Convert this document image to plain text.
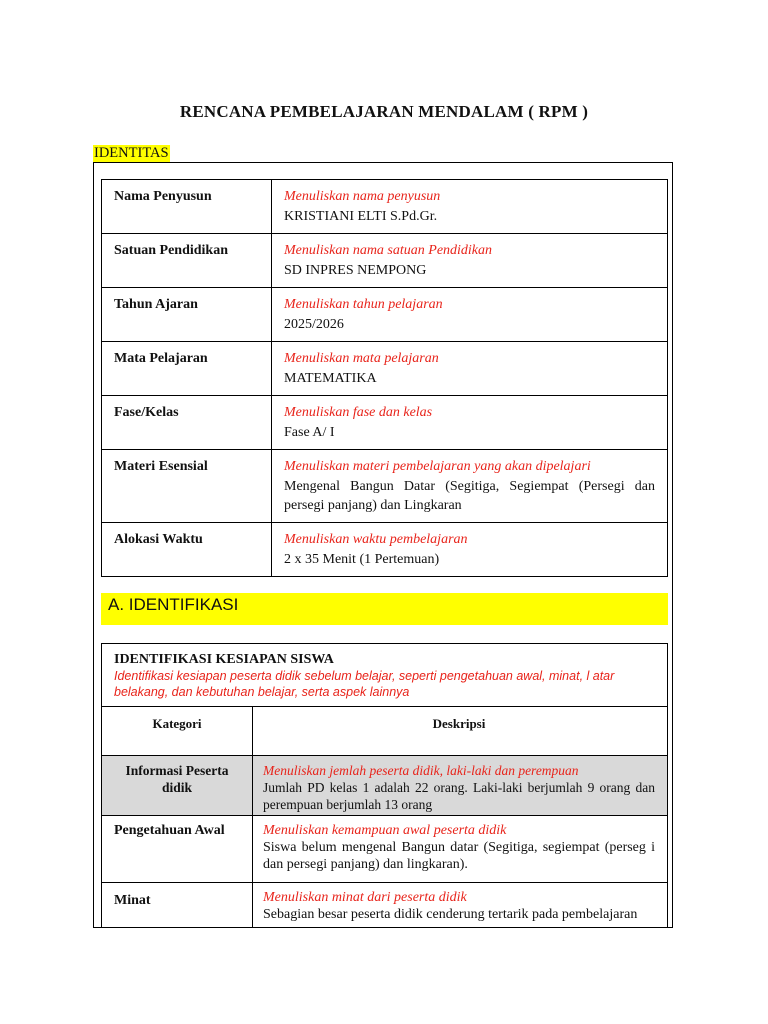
RENCANA PEMBELAJARAN MENDALAM ( RPM )
IDENTITAS
Nama Penyusun	Menuliskan nama penyusun
KRISTIANI ELTI S.Pd.Gr.

Satuan Pendidikan	Menuliskan nama satuan Pendidikan
SD INPRES NEMPONG

Tahun Ajaran	Menuliskan tahun pelajaran
2025/2026

Mata Pelajaran	Menuliskan mata pelajaran
MATEMATIKA

Fase/Kelas	Menuliskan fase dan kelas
Fase A/ I

Materi Esensial	Menuliskan materi pembelajaran yang akan dipelajari
Mengenal Bangun Datar (Segitiga, Segiempat (Persegi dan persegi panjang) dan Lingkaran

Alokasi Waktu	Menuliskan waktu pembelajaran
2 x 35 Menit (1 Pertemuan)
A. IDENTIFIKASI
IDENTIFIKASI KESIAPAN SISWA
Identifikasi kesiapan peserta didik sebelum belajar, seperti pengetahuan awal, minat, l atar belakang, dan kebutuhan belajar, serta aspek lainnya
Kategori	Deskripsi
Informasi Peserta didik	Menuliskan jemlah peserta didik, laki-laki dan perempuan
Jumlah PD kelas 1 adalah 22 orang. Laki-laki berjumlah 9 orang dan perempuan berjumlah 13 orang

Pengetahuan Awal	Menuliskan kemampuan awal peserta didik
Siswa belum mengenal Bangun datar (Segitiga, segiempat (perseg i dan persegi panjang) dan lingkaran).

Minat	Menuliskan minat dari peserta didik
Sebagian besar peserta didik cenderung tertarik pada pembelajaran
